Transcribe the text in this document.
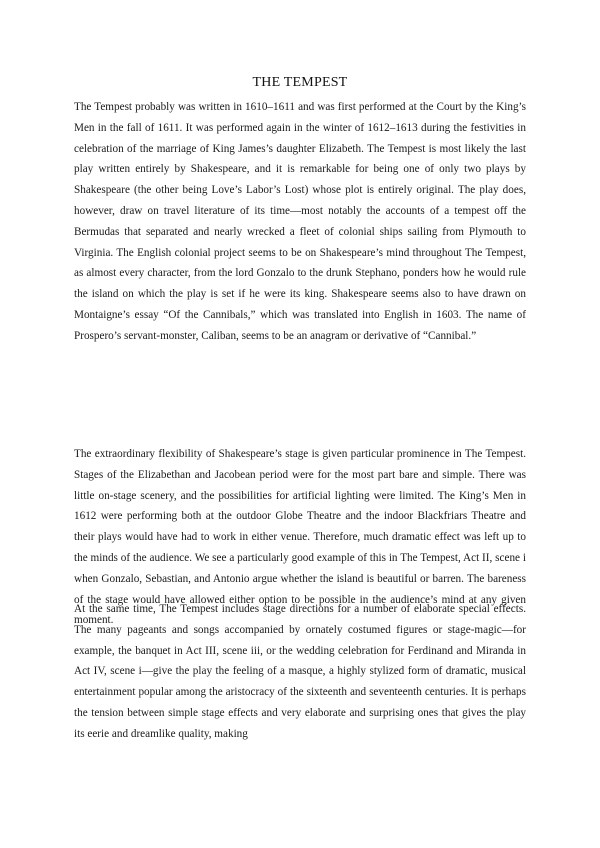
THE TEMPEST

The Tempest probably was written in 1610–1611 and was first performed at the Court by the King’s Men in the fall of 1611. It was performed again in the winter of 1612–1613 during the festivities in celebration of the marriage of King James’s daughter Elizabeth. The Tempest is most likely the last play written entirely by Shakespeare, and it is remarkable for being one of only two plays by Shakespeare (the other being Love’s Labor’s Lost) whose plot is entirely original. The play does, however, draw on travel literature of its time—most notably the accounts of a tempest off the Bermudas that separated and nearly wrecked a fleet of colonial ships sailing from Plymouth to Virginia. The English colonial project seems to be on Shakespeare’s mind throughout The Tempest, as almost every character, from the lord Gonzalo to the drunk Stephano, ponders how he would rule the island on which the play is set if he were its king. Shakespeare seems also to have drawn on Montaigne’s essay “Of the Cannibals,” which was translated into English in 1603. The name of Prospero’s servant-monster, Caliban, seems to be an anagram or derivative of “Cannibal.”

The extraordinary flexibility of Shakespeare’s stage is given particular prominence in The Tempest. Stages of the Elizabethan and Jacobean period were for the most part bare and simple. There was little on-stage scenery, and the possibilities for artificial lighting were limited. The King’s Men in 1612 were performing both at the outdoor Globe Theatre and the indoor Blackfriars Theatre and their plays would have had to work in either venue. Therefore, much dramatic effect was left up to the minds of the audience. We see a particularly good example of this in The Tempest, Act II, scene i when Gonzalo, Sebastian, and Antonio argue whether the island is beautiful or barren. The bareness of the stage would have allowed either option to be possible in the audience’s mind at any given moment.

At the same time, The Tempest includes stage directions for a number of elaborate special effects. The many pageants and songs accompanied by ornately costumed figures or stage-magic—for example, the banquet in Act III, scene iii, or the wedding celebration for Ferdinand and Miranda in Act IV, scene i—give the play the feeling of a masque, a highly stylized form of dramatic, musical entertainment popular among the aristocracy of the sixteenth and seventeenth centuries. It is perhaps the tension between simple stage effects and very elaborate and surprising ones that gives the play its eerie and dreamlike quality, making
